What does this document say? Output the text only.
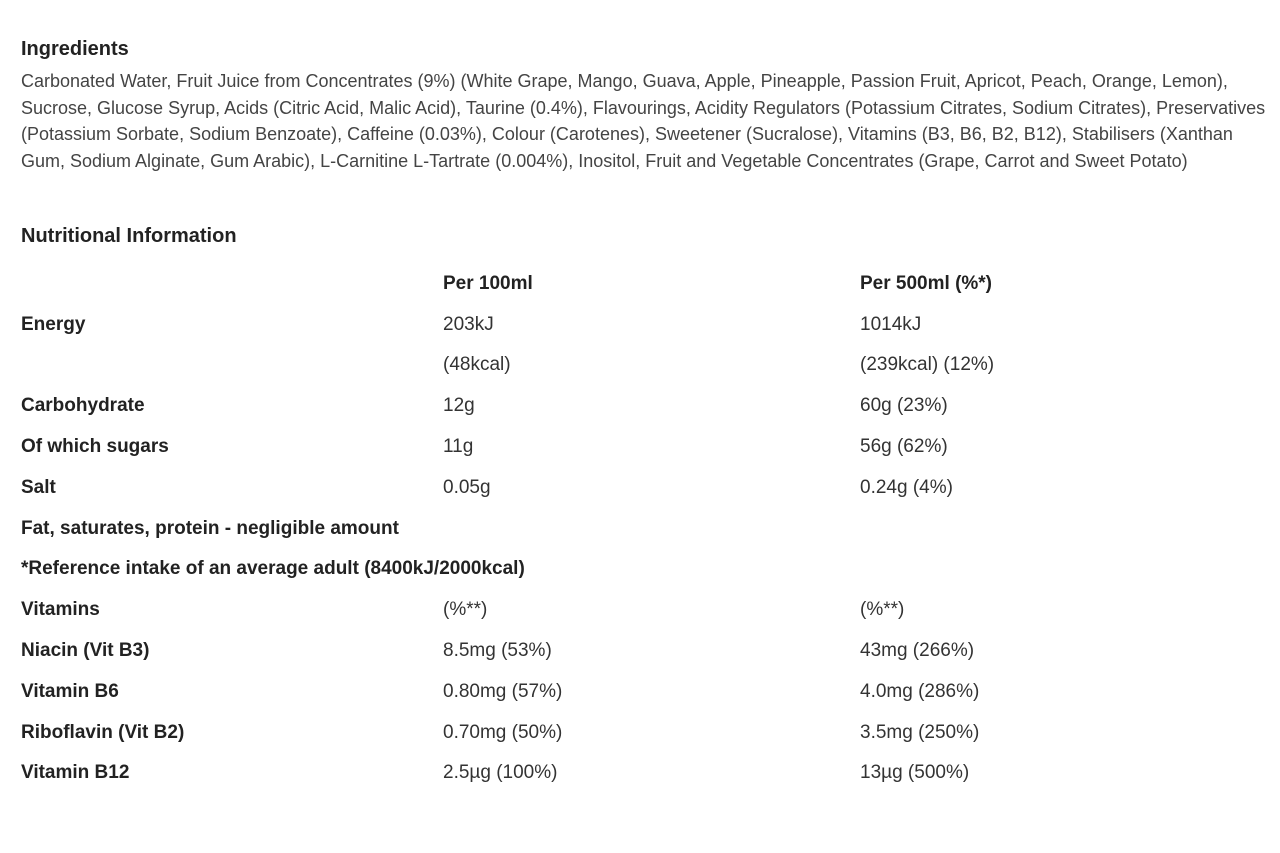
Ingredients

Carbonated Water, Fruit Juice from Concentrates (9%) (White Grape, Mango, Guava, Apple, Pineapple, Passion Fruit, Apricot, Peach, Orange, Lemon), Sucrose, Glucose Syrup, Acids (Citric Acid, Malic Acid), Taurine (0.4%), Flavourings, Acidity Regulators (Potassium Citrates, Sodium Citrates), Preservatives (Potassium Sorbate, Sodium Benzoate), Caffeine (0.03%), Colour (Carotenes), Sweetener (Sucralose), Vitamins (B3, B6, B2, B12), Stabilisers (Xanthan Gum, Sodium Alginate, Gum Arabic), L-Carnitine L-Tartrate (0.004%), Inositol, Fruit and Vegetable Concentrates (Grape, Carrot and Sweet Potato)

Nutritional Information
	Per 100ml	Per 500ml (%*)
Energy	203kJ	1014kJ
	(48kcal)	(239kcal) (12%)
Carbohydrate	12g	60g (23%)
Of which sugars	11g	56g (62%)
Salt	0.05g	0.24g (4%)
Fat, saturates, protein - negligible amount		
*Reference intake of an average adult (8400kJ/2000kcal)		
Vitamins	(%**)	(%**)
Niacin (Vit B3)	8.5mg (53%)	43mg (266%)
Vitamin B6	0.80mg (57%)	4.0mg (286%)
Riboflavin (Vit B2)	0.70mg (50%)	3.5mg (250%)
Vitamin B12	2.5µg (100%)	13µg (500%)
